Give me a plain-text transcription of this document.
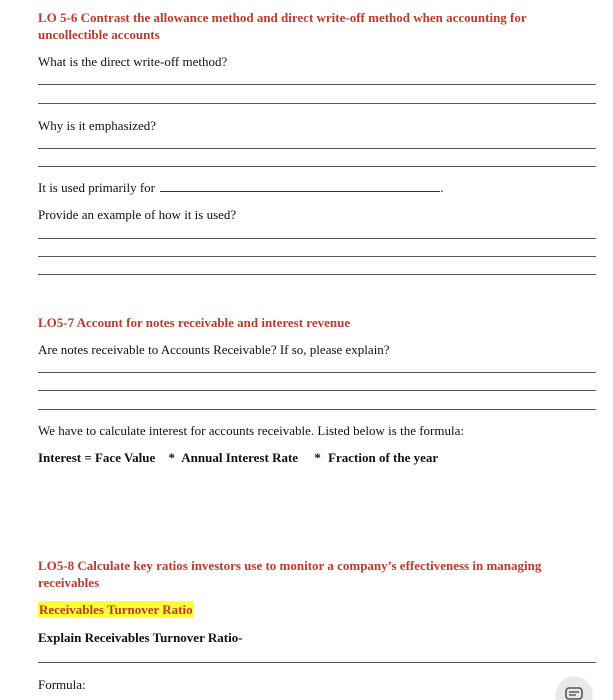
LO 5-6 Contrast the allowance method and direct write-off method when accounting for
uncollectible accounts
What is the direct write-off method?
Why is it emphasized?
It is used primarily for	.
Provide an example of how it is used?
LO5-7 Account for notes receivable and interest revenue
Are notes receivable to Accounts Receivable? If so, please explain?
We have to calculate interest for accounts receivable. Listed below is the formula:
Interest = Face Value * Annual Interest Rate * Fraction of the year
LO5-8 Calculate key ratios investors use to monitor a company’s effectiveness in managing
receivables
Receivables Turnover Ratio
Explain Receivables Turnover Ratio-
Formula:
